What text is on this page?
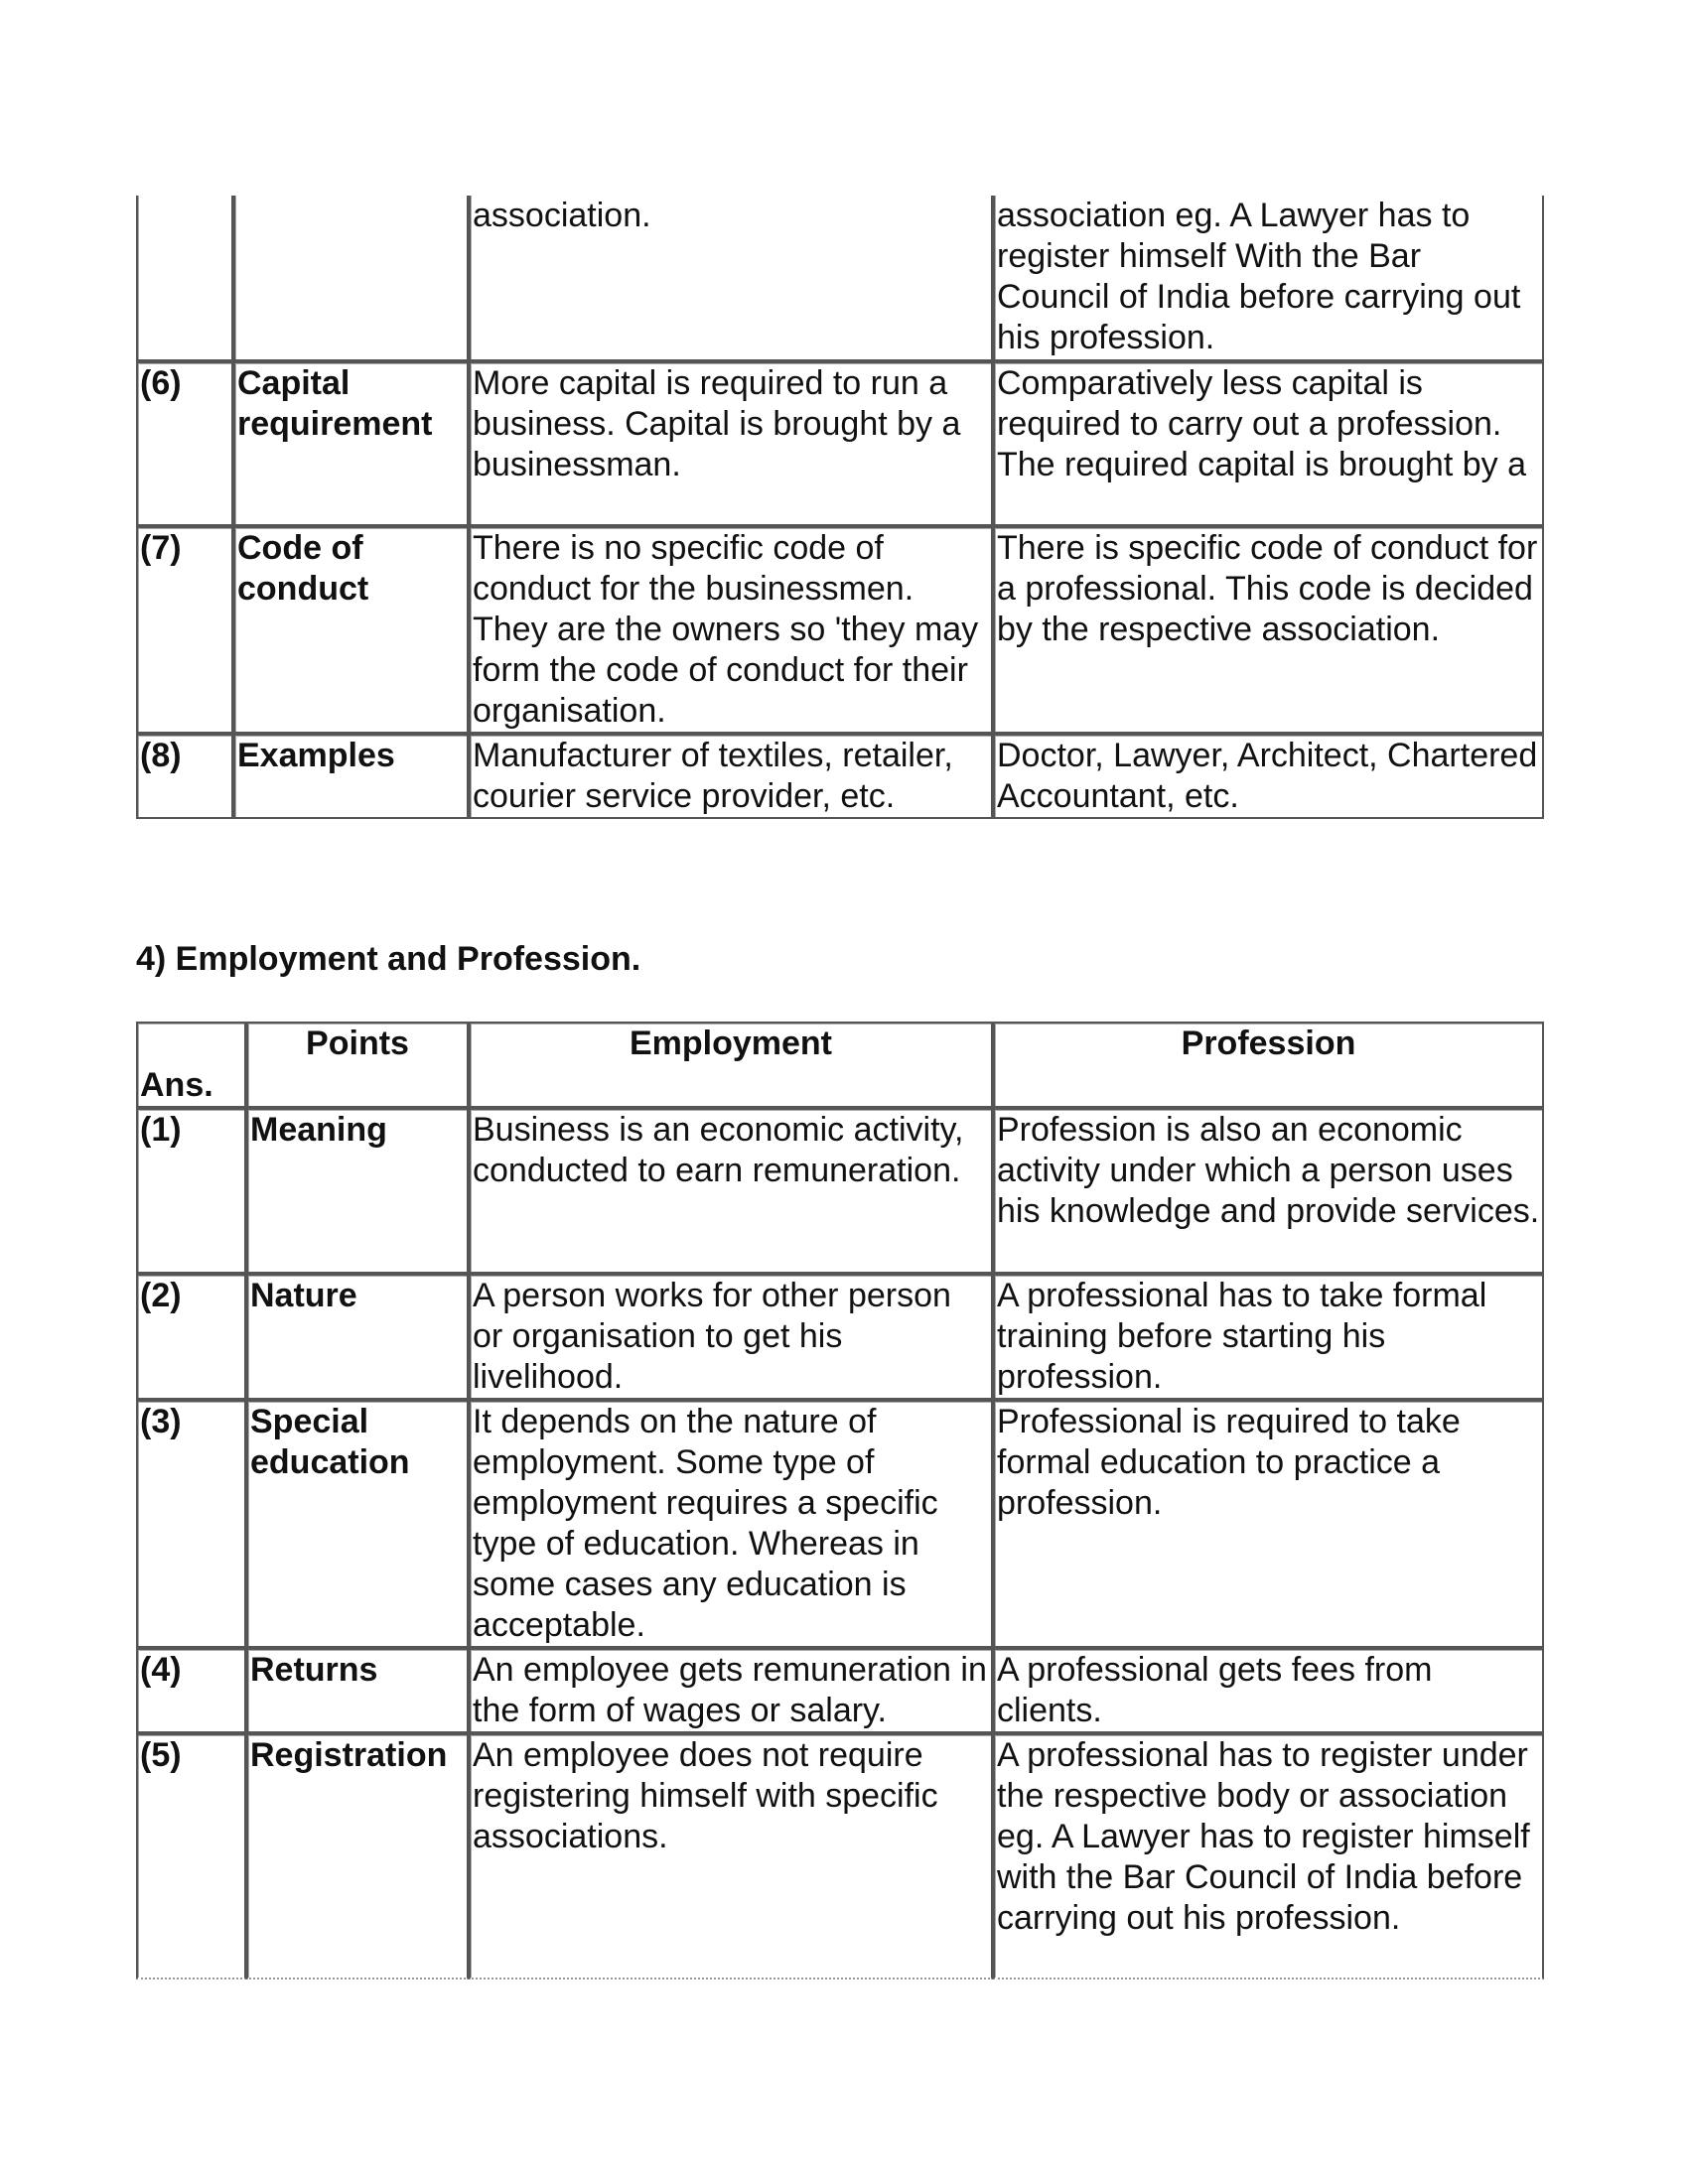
		association.	association eg. A Lawyer has to register himself With the Bar Council of India before carrying out his profession.
(6)	Capital requirement	More capital is required to run a business. Capital is brought by a businessman.	Comparatively less capital is required to carry out a profession. The required capital is brought by a
(7)	Code of conduct	There is no specific code of conduct for the businessmen. They are the owners so 'they may form the code of conduct for their organisation.	There is specific code of conduct for a professional. This code is decided by the respective association.
(8)	Examples	Manufacturer of textiles, retailer, courier service provider, etc.	Doctor, Lawyer, Architect, Chartered Accountant, etc.
4) Employment and Profession.
Ans.	Points	Employment	Profession
(1)	Meaning	Business is an economic activity, conducted to earn remuneration.	Profession is also an economic activity under which a person uses his knowledge and provide services.
(2)	Nature	A person works for other person or organisation to get his livelihood.	A professional has to take formal training before starting his profession.
(3)	Special education	It depends on the nature of employment. Some type of employment requires a specific type of education. Whereas in some cases any education is acceptable.	Professional is required to take formal education to practice a profession.
(4)	Returns	An employee gets remuneration in the form of wages or salary.	A professional gets fees from clients.
(5)	Registration	An employee does not require registering himself with specific associations.	A professional has to register under the respective body or association eg. A Lawyer has to register himself with the Bar Council of India before carrying out his profession.
